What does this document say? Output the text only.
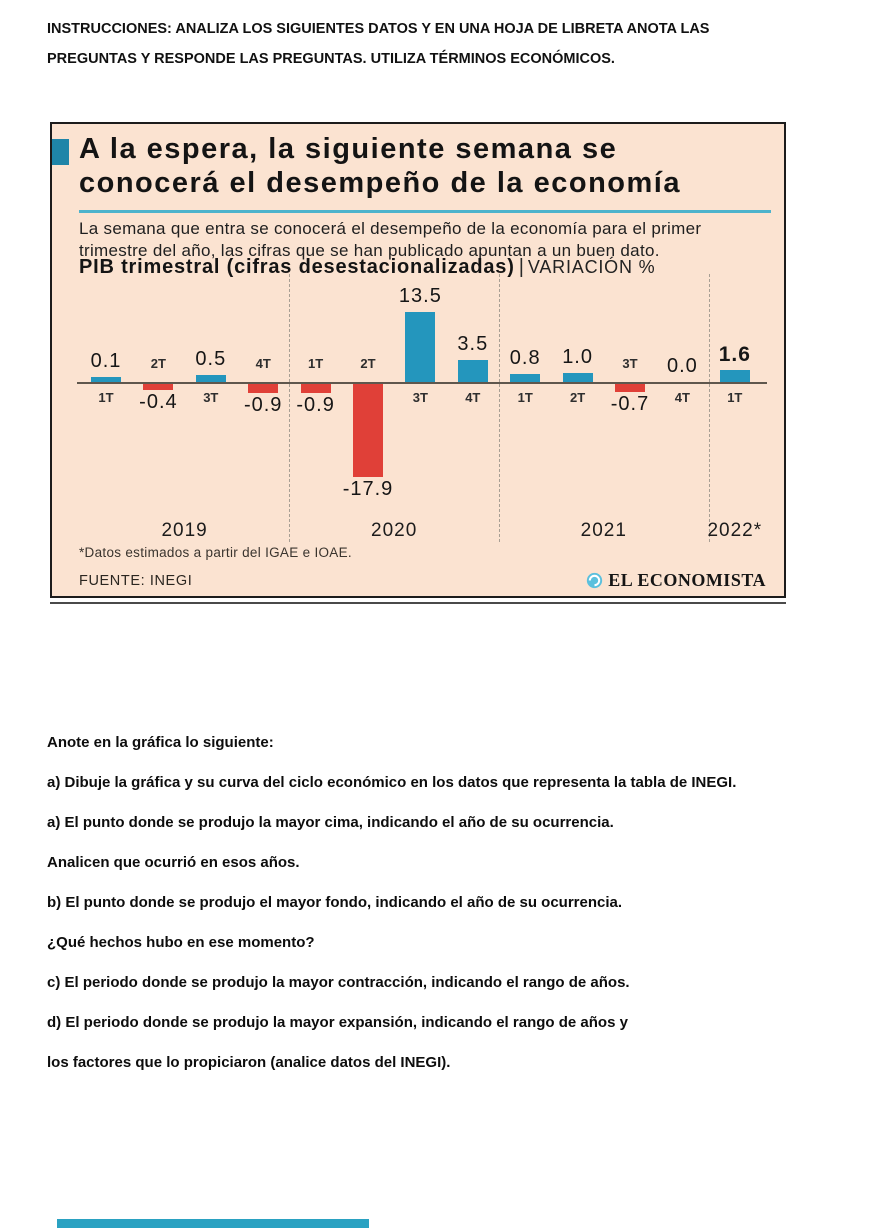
INSTRUCCIONES: ANALIZA LOS SIGUIENTES DATOS Y EN UNA HOJA DE LIBRETA ANOTA LAS
PREGUNTAS Y RESPONDE LAS PREGUNTAS. UTILIZA TÉRMINOS ECONÓMICOS.
A la espera, la siguiente semana se
conocerá el desempeño de la economía

La semana que entra se conocerá el desempeño de la economía para el primer
trimestre del año, las cifras que se han publicado apuntan a un buen dato.

PIB trimestral (cifras desestacionalizadas) | VARIACIÓN %
2019	2020	2021	2022*
0.1
1T	-0.4
2T	0.5
3T	-0.9
4T
-0.9
1T
-17.9
2T
13.5
3T
3.5
4T
0.8
1T
1.0
2T	-0.7
3T	0.0
4T
1.6
1T

*Datos estimados a partir del IGAE e IOAE.

FUENTE: INEGI	EL ECONOMISTA

Anote en la gráfica lo siguiente:

a) Dibuje la gráfica y su curva del ciclo económico en los datos que representa la tabla de INEGI.

a) El punto donde se produjo la mayor cima, indicando el año de su ocurrencia.

Analicen que ocurrió en esos años.

b) El punto donde se produjo el mayor fondo, indicando el año de su ocurrencia.

¿Qué hechos hubo en ese momento?

c) El periodo donde se produjo la mayor contracción, indicando el rango de años.

d) El periodo donde se produjo la mayor expansión, indicando el rango de años y

los factores que lo propiciaron (analice datos del INEGI).
